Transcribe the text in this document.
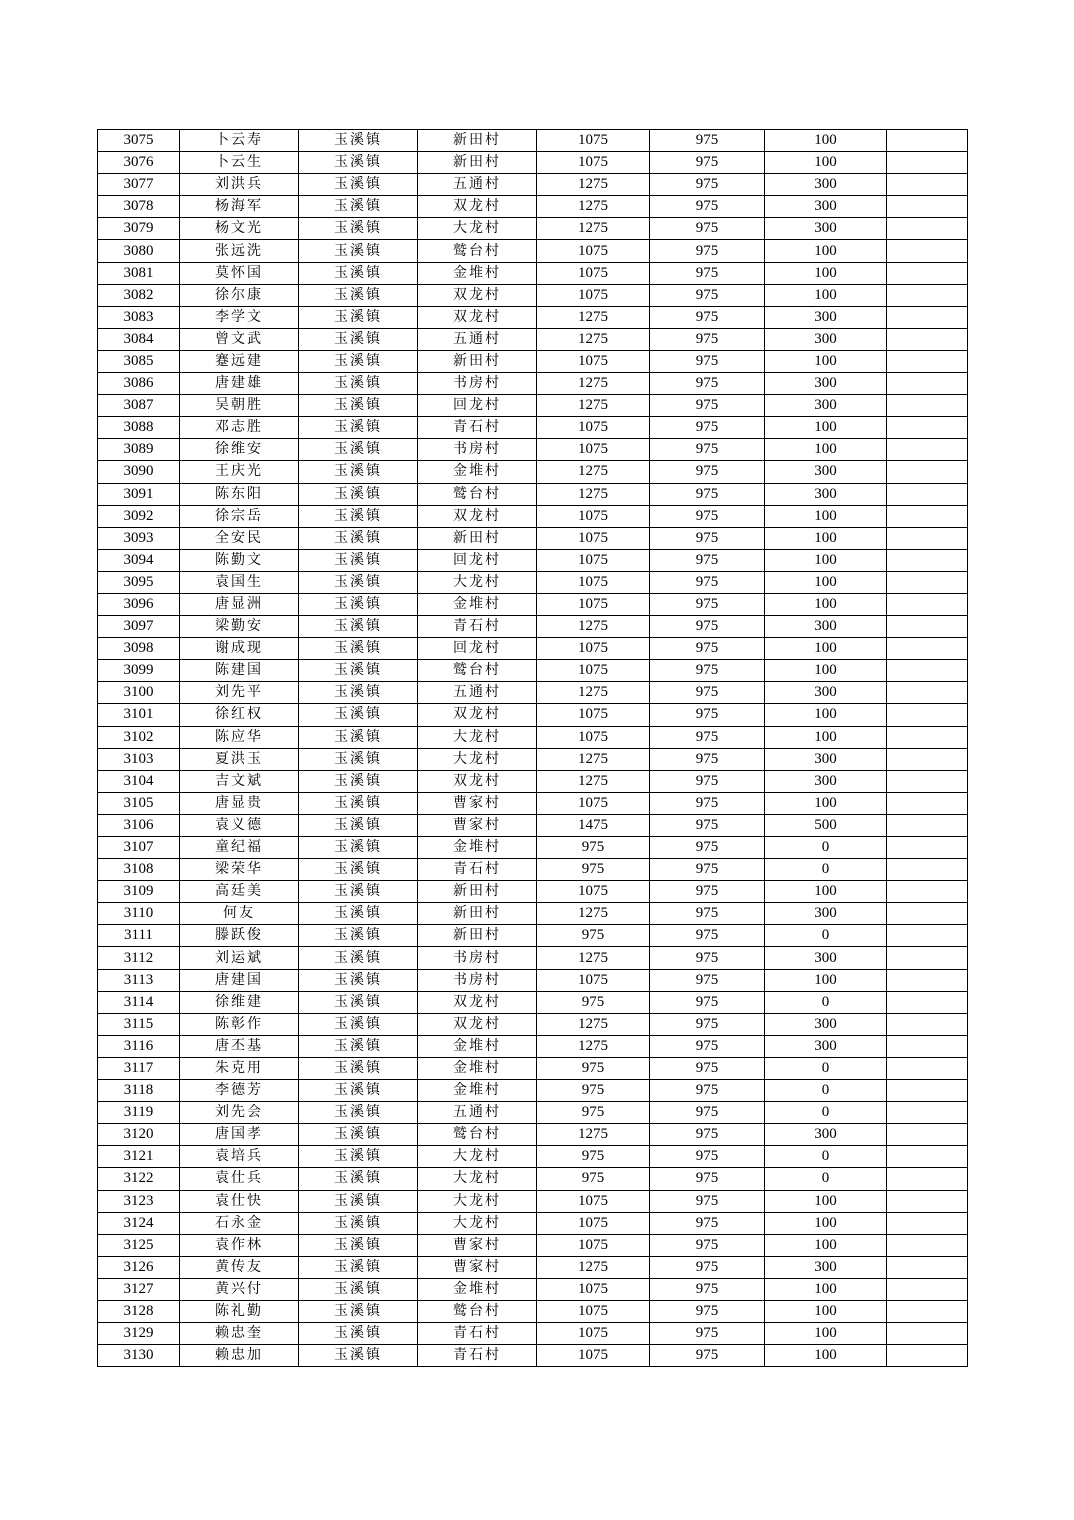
3075	卜云寿	玉溪镇	新田村	1075	975	100	
3076	卜云生	玉溪镇	新田村	1075	975	100	
3077	刘洪兵	玉溪镇	五通村	1275	975	300	
3078	杨海军	玉溪镇	双龙村	1275	975	300	
3079	杨文光	玉溪镇	大龙村	1275	975	300	
3080	张远洗	玉溪镇	鹫台村	1075	975	100	
3081	莫怀国	玉溪镇	金堆村	1075	975	100	
3082	徐尔康	玉溪镇	双龙村	1075	975	100	
3083	李学文	玉溪镇	双龙村	1275	975	300	
3084	曾文武	玉溪镇	五通村	1275	975	300	
3085	蹇远建	玉溪镇	新田村	1075	975	100	
3086	唐建雄	玉溪镇	书房村	1275	975	300	
3087	吴朝胜	玉溪镇	回龙村	1275	975	300	
3088	邓志胜	玉溪镇	青石村	1075	975	100	
3089	徐维安	玉溪镇	书房村	1075	975	100	
3090	王庆光	玉溪镇	金堆村	1275	975	300	
3091	陈东阳	玉溪镇	鹫台村	1275	975	300	
3092	徐宗岳	玉溪镇	双龙村	1075	975	100	
3093	全安民	玉溪镇	新田村	1075	975	100	
3094	陈勤文	玉溪镇	回龙村	1075	975	100	
3095	袁国生	玉溪镇	大龙村	1075	975	100	
3096	唐显洲	玉溪镇	金堆村	1075	975	100	
3097	梁勤安	玉溪镇	青石村	1275	975	300	
3098	谢成现	玉溪镇	回龙村	1075	975	100	
3099	陈建国	玉溪镇	鹫台村	1075	975	100	
3100	刘先平	玉溪镇	五通村	1275	975	300	
3101	徐红权	玉溪镇	双龙村	1075	975	100	
3102	陈应华	玉溪镇	大龙村	1075	975	100	
3103	夏洪玉	玉溪镇	大龙村	1275	975	300	
3104	吉文斌	玉溪镇	双龙村	1275	975	300	
3105	唐显贵	玉溪镇	曹家村	1075	975	100	
3106	袁义德	玉溪镇	曹家村	1475	975	500	
3107	童纪福	玉溪镇	金堆村	975	975	0	
3108	梁荣华	玉溪镇	青石村	975	975	0	
3109	高廷美	玉溪镇	新田村	1075	975	100	
3110	何友	玉溪镇	新田村	1275	975	300	
3111	滕跃俊	玉溪镇	新田村	975	975	0	
3112	刘运斌	玉溪镇	书房村	1275	975	300	
3113	唐建国	玉溪镇	书房村	1075	975	100	
3114	徐维建	玉溪镇	双龙村	975	975	0	
3115	陈彰作	玉溪镇	双龙村	1275	975	300	
3116	唐丕基	玉溪镇	金堆村	1275	975	300	
3117	朱克用	玉溪镇	金堆村	975	975	0	
3118	李德芳	玉溪镇	金堆村	975	975	0	
3119	刘先会	玉溪镇	五通村	975	975	0	
3120	唐国孝	玉溪镇	鹫台村	1275	975	300	
3121	袁培兵	玉溪镇	大龙村	975	975	0	
3122	袁仕兵	玉溪镇	大龙村	975	975	0	
3123	袁仕快	玉溪镇	大龙村	1075	975	100	
3124	石永金	玉溪镇	大龙村	1075	975	100	
3125	袁作林	玉溪镇	曹家村	1075	975	100	
3126	黄传友	玉溪镇	曹家村	1275	975	300	
3127	黄兴付	玉溪镇	金堆村	1075	975	100	
3128	陈礼勤	玉溪镇	鹫台村	1075	975	100	
3129	赖忠奎	玉溪镇	青石村	1075	975	100	
3130	赖忠加	玉溪镇	青石村	1075	975	100	
